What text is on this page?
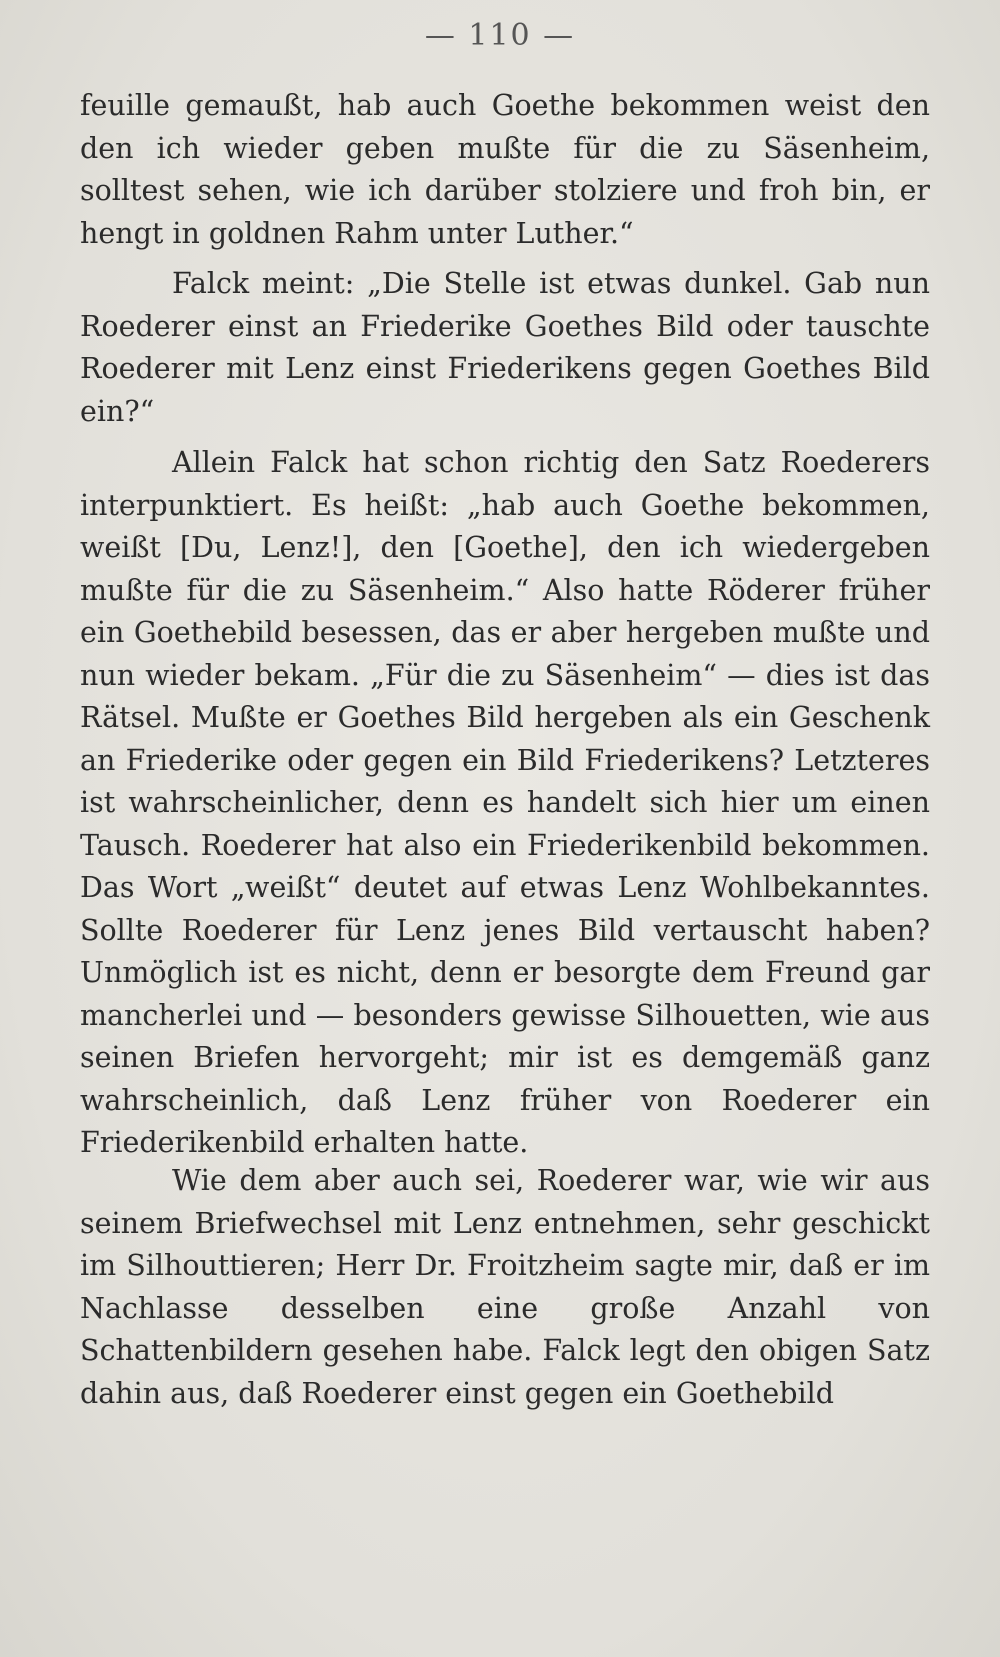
— 110 —

feuille gemaußt, hab auch Goethe bekommen weist den den ich wieder geben mußte für die zu Säsenheim, solltest sehen, wie ich darüber stolziere und froh bin, er hengt in goldnen Rahm unter Luther.“

Falck meint: „Die Stelle ist etwas dunkel. Gab nun Roederer einst an Friederike Goethes Bild oder tauschte Roederer mit Lenz einst Friederikens gegen Goethes Bild ein?“

Allein Falck hat schon richtig den Satz Roederers interpunktiert. Es heißt: „hab auch Goethe bekommen, weißt [Du, Lenz!], den [Goethe], den ich wiedergeben mußte für die zu Säsenheim.“ Also hatte Röderer früher ein Goethebild besessen, das er aber hergeben mußte und nun wieder bekam. „Für die zu Säsenheim“ — dies ist das Rätsel. Mußte er Goethes Bild hergeben als ein Geschenk an Friederike oder gegen ein Bild Friederikens? Letzteres ist wahrscheinlicher, denn es handelt sich hier um einen Tausch. Roederer hat also ein Friederikenbild bekommen. Das Wort „weißt“ deutet auf etwas Lenz Wohlbekanntes. Sollte Roederer für Lenz jenes Bild vertauscht haben? Unmöglich ist es nicht, denn er besorgte dem Freund gar mancherlei und — besonders gewisse Silhouetten, wie aus seinen Briefen hervorgeht; mir ist es demgemäß ganz wahrscheinlich, daß Lenz früher von Roederer ein Friederikenbild erhalten hatte.

Wie dem aber auch sei, Roederer war, wie wir aus seinem Briefwechsel mit Lenz entnehmen, sehr geschickt im Silhouttieren; Herr Dr. Froitzheim sagte mir, daß er im Nachlasse desselben eine große Anzahl von Schattenbildern gesehen habe. Falck legt den obigen Satz dahin aus, daß Roederer einst gegen ein Goethebild
